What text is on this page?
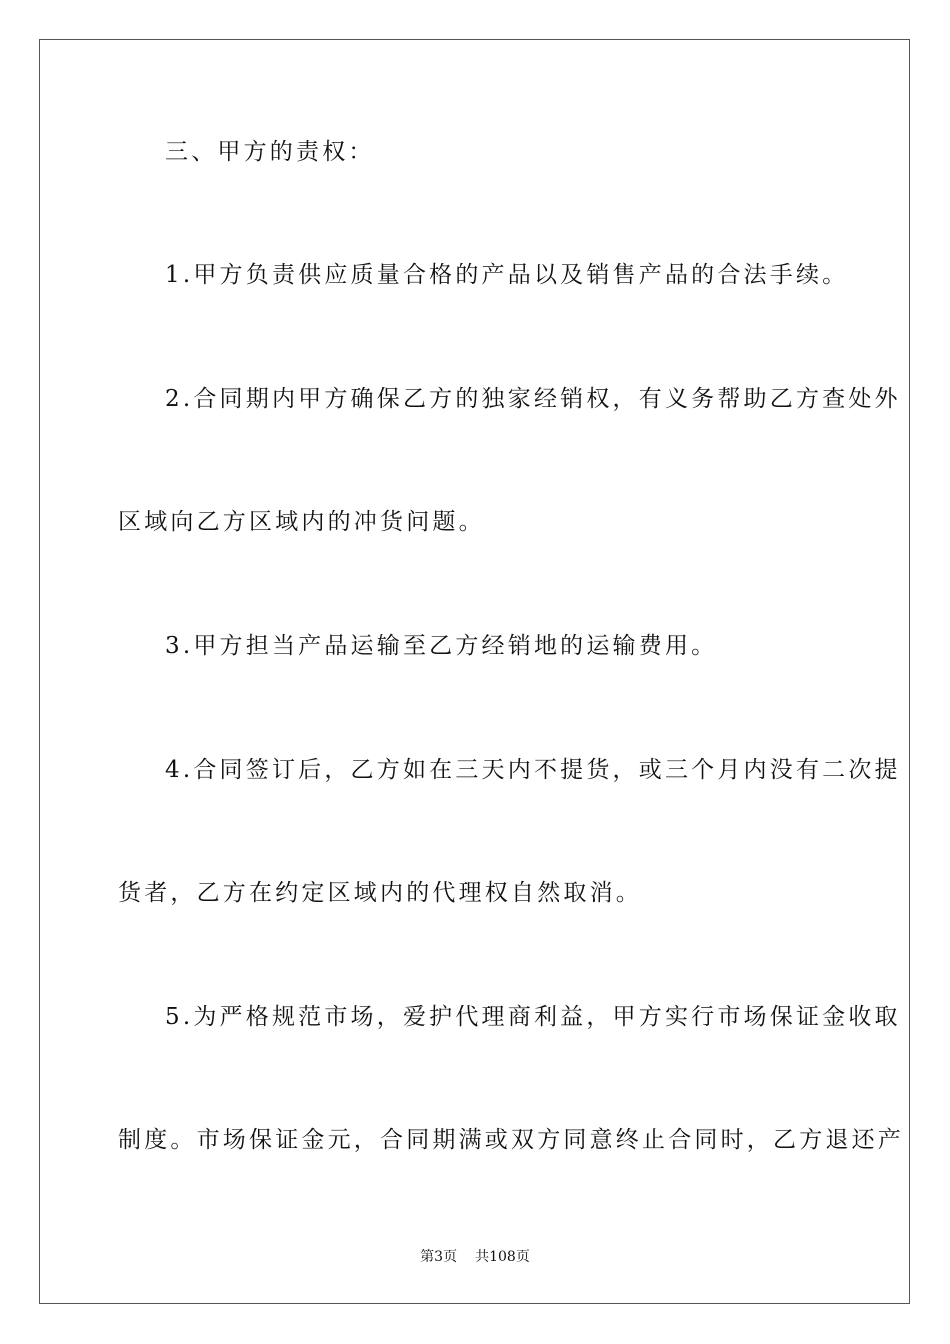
三、甲方的责权：

1.甲方负责供应质量合格的产品以及销售产品的合法手续。

2.合同期内甲方确保乙方的独家经销权，有义务帮助乙方查处外

区域向乙方区域内的冲货问题。

3.甲方担当产品运输至乙方经销地的运输费用。

4.合同签订后，乙方如在三天内不提货，或三个月内没有二次提

货者，乙方在约定区域内的代理权自然取消。

5.为严格规范市场，爱护代理商利益，甲方实行市场保证金收取

制度。市场保证金元，合同期满或双方同意终止合同时，乙方退还产

第3页 共108页
